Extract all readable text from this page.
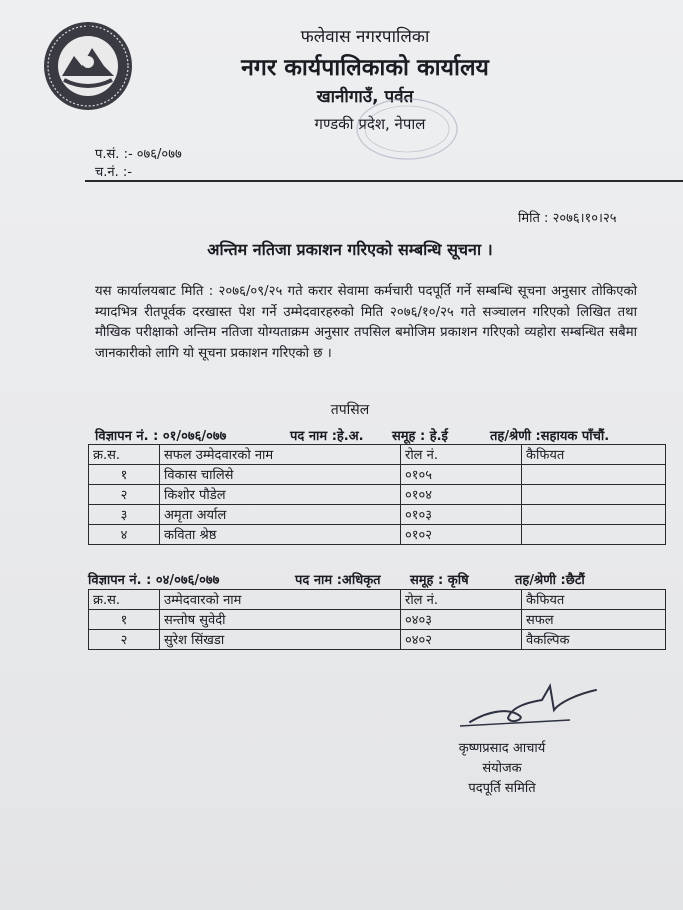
फलेवास नगरपालिका
नगर कार्यपालिकाको कार्यालय
खानीगाउँ, पर्वत
गण्डकी प्रदेश, नेपाल
प.सं. :- ०७६/०७७
च.नं. :-
मिति : २०७६।१०।२५
अन्तिम नतिजा प्रकाशन गरिएको सम्बन्धि सूचना ।
यस कार्यालयबाट मिति : २०७६/०९/२५ गते करार सेवामा कर्मचारी पदपूर्ति गर्ने सम्बन्धि सूचना अनुसार तोकिएको म्यादभित्र रीतपूर्वक दरखास्त पेश गर्ने उम्मेदवारहरुको मिति २०७६/१०/२५ गते सञ्चालन गरिएको लिखित तथा मौखिक परीक्षाको अन्तिम नतिजा योग्यताक्रम अनुसार तपसिल बमोजिम प्रकाशन गरिएको व्यहोरा सम्बन्धित सबैमा जानकारीको लागि यो सूचना प्रकाशन गरिएको छ ।
तपसिल
विज्ञापन नं. : ०१/०७६/०७७	पद नाम :हे.अ. समूह : हे.ई	तह/श्रेणी :सहायक पाँचौं.
क्र.स.	सफल उम्मेदवारको नाम	रोल नं.	कैफियत
१	विकास चालिसे	०१०५	
२	किशोर पौडेल	०१०४	
३	अमृता अर्याल	०१०३	
४	कविता श्रेष्ठ	०१०२	
विज्ञापन नं. : ०४/०७६/०७७	पद नाम :अधिकृत समूह : कृषि	तह/श्रेणी :छैटौं
क्र.स.	उम्मेदवारको नाम	रोल नं.	कैफियत
१	सन्तोष सुवेदी	०४०३	सफल
२	सुरेश सिंखडा	०४०२	वैकल्पिक
कृष्णप्रसाद आचार्य
संयोजक
पदपूर्ति समिति
